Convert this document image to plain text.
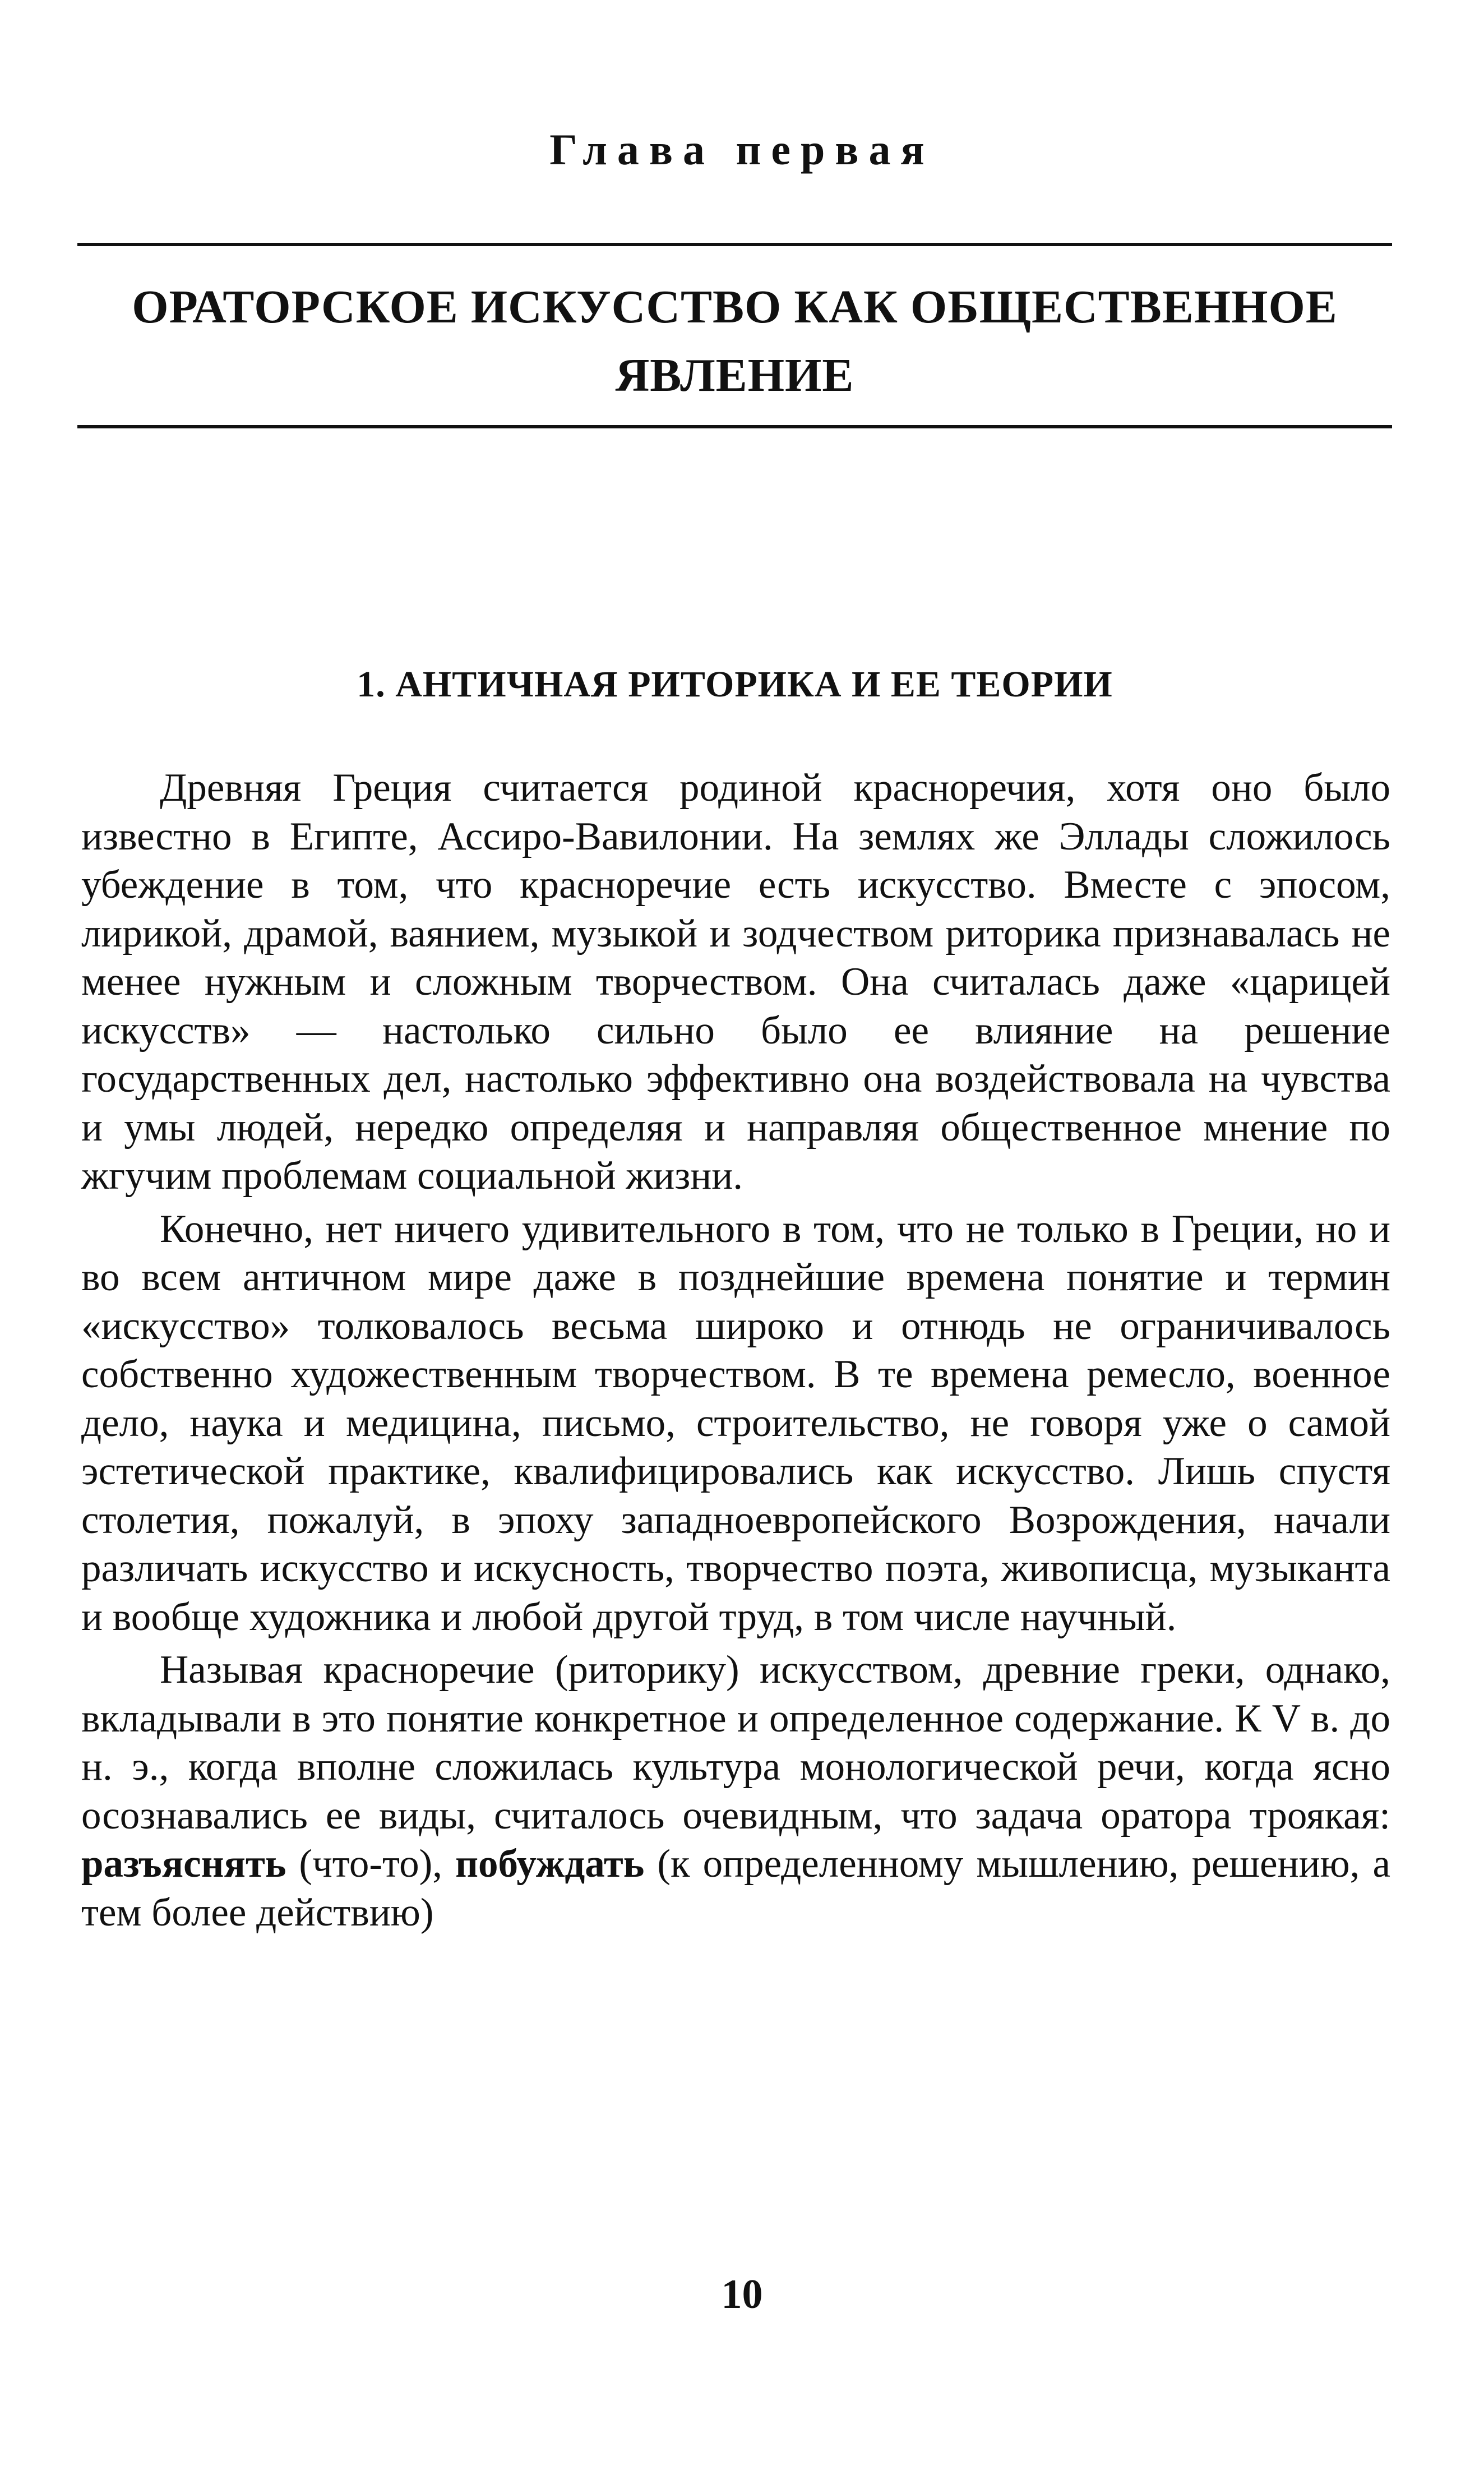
Глава первая
ОРАТОРСКОЕ ИСКУССТВО КАК ОБЩЕСТВЕННОЕ
ЯВЛЕНИЕ
1. АНТИЧНАЯ РИТОРИКА И ЕЕ ТЕОРИИ

Древняя Греция считается родиной красноречия, хотя оно было известно в Египте, Ассиро-Вавилонии. На землях же Эллады сложилось убеждение в том, что красноречие есть искусство. Вместе с эпосом, лирикой, драмой, ваянием, музыкой и зодчеством риторика признавалась не менее нужным и сложным творчеством. Она считалась даже «царицей искусств» — настолько сильно было ее влияние на решение государственных дел, настолько эффективно она воздействовала на чувства и умы людей, нередко определяя и направляя общественное мнение по жгучим проблемам социальной жизни.

Конечно, нет ничего удивительного в том, что не только в Греции, но и во всем античном мире даже в позднейшие времена понятие и термин «искусство» толковалось весьма широко и отнюдь не ограничивалось собственно художественным творчеством. В те времена ремесло, военное дело, наука и медицина, письмо, строительство, не говоря уже о самой эстетической практике, квалифицировались как искусство. Лишь спустя столетия, пожалуй, в эпоху западноевропейского Возрождения, начали различать искусство и искусность, творчество поэта, живописца, музыканта и вообще художника и любой другой труд, в том числе научный.

Называя красноречие (риторику) искусством, древние греки, однако, вкладывали в это понятие конкретное и определенное содержание. К V в. до н. э., когда вполне сложилась культура монологической речи, когда ясно осознавались ее виды, считалось очевидным, что задача оратора троякая: разъяснять (что-то), побуждать (к определенному мышлению, решению, а тем более действию)

10
